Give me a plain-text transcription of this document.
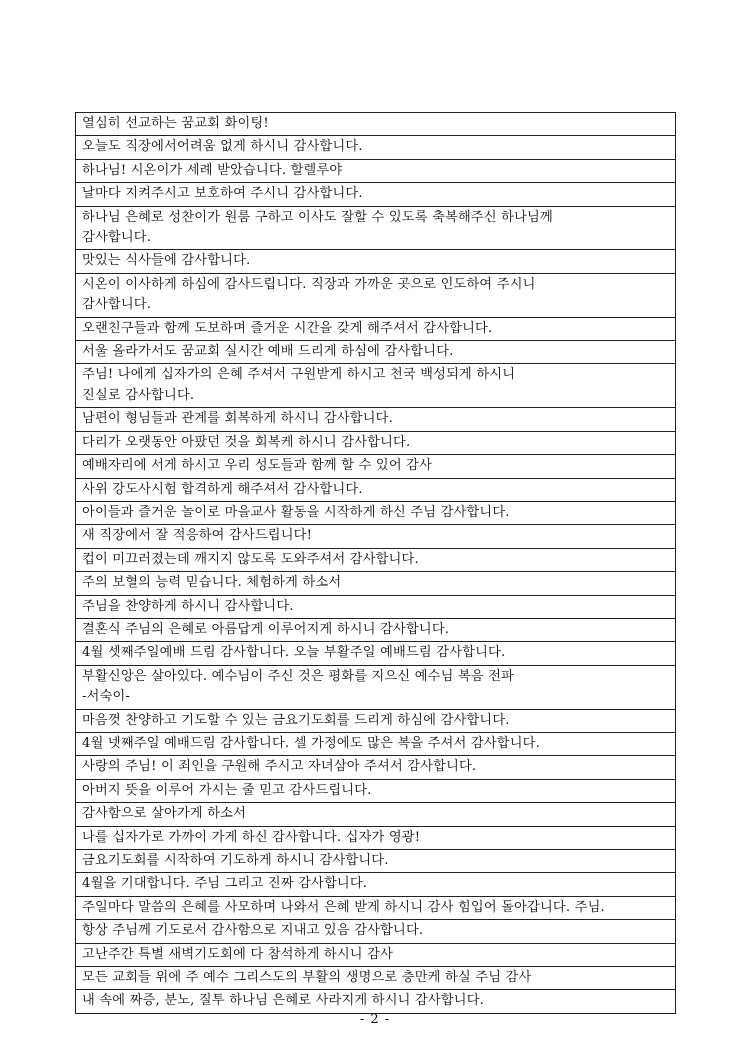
열심히 선교하는 꿈교회 화이팅!

오늘도 직장에서어려움 없게 하시니 감사합니다.

하나님! 시온이가 세례 받았습니다. 할렐루야

날마다 지켜주시고 보호하여 주시니 감사합니다.

하나님 은혜로 성찬이가 원룸 구하고 이사도 잘할 수 있도록 축복해주신 하나님께
감사합니다.

맛있는 식사들에 감사합니다.

시온이 이사하게 하심에 감사드립니다. 직장과 가까운 곳으로 인도하여 주시니
감사합니다.

오랜친구들과 함께 도보하며 즐거운 시간을 갖게 해주셔서 감사합니다.

서울 올라가서도 꿈교회 실시간 예배 드리게 하심에 감사합니다.

주님! 나에게 십자가의 은혜 주셔서 구원받게 하시고 천국 백성되게 하시니
진실로 감사합니다.

남편이 형님들과 관계를 회복하게 하시니 감사합니다.

다리가 오랫동안 아팠던 것을 회복케 하시니 감사합니다.

예배자리에 서게 하시고 우리 성도들과 함께 할 수 있어 감사

사위 강도사시험 합격하게 해주셔서 감사합니다.

아이들과 즐거운 놀이로 마을교사 활동을 시작하게 하신 주님 감사합니다.

새 직장에서 잘 적응하여 감사드립니다!

컵이 미끄러졌는데 깨지지 않도록 도와주셔서 감사합니다.

주의 보혈의 능력 믿습니다. 체험하게 하소서

주님을 찬양하게 하시니 감사합니다.

결혼식 주님의 은혜로 아름답게 이루어지게 하시니 감사합니다.

4월 셋째주일예배 드림 감사합니다. 오늘 부활주일 예배드림 감사합니다.

부활신앙은 살아있다. 예수님이 주신 것은 평화를 지으신 예수님 복음 전파
-서숙이-

마음껏 찬양하고 기도할 수 있는 금요기도회를 드리게 하심에 감사합니다.

4월 넷째주일 예배드림 감사합니다. 셀 가정에도 많은 복을 주셔서 감사합니다.

사랑의 주님! 이 죄인을 구원해 주시고 자녀삼아 주셔서 감사합니다.

아버지 뜻을 이루어 가시는 줄 믿고 감사드립니다.

감사함으로 살아가게 하소서

나를 십자가로 가까이 가게 하신 감사합니다. 십자가 영광!

금요기도회를 시작하여 기도하게 하시니 감사합니다.

4월을 기대합니다. 주님 그리고 진짜 감사합니다.

주일마다 말씀의 은혜를 사모하며 나와서 은혜 받게 하시니 감사 힘입어 돌아갑니다. 주님.

항상 주님께 기도로서 감사함으로 지내고 있음 감사합니다.

고난주간 특별 새벽기도회에 다 참석하게 하시니 감사

모든 교회들 위에 주 예수 그리스도의 부활의 생명으로 충만케 하실 주님 감사

내 속에 짜증, 분노, 질투 하나님 은혜로 사라지게 하시니 감사합니다.
- 2 -
